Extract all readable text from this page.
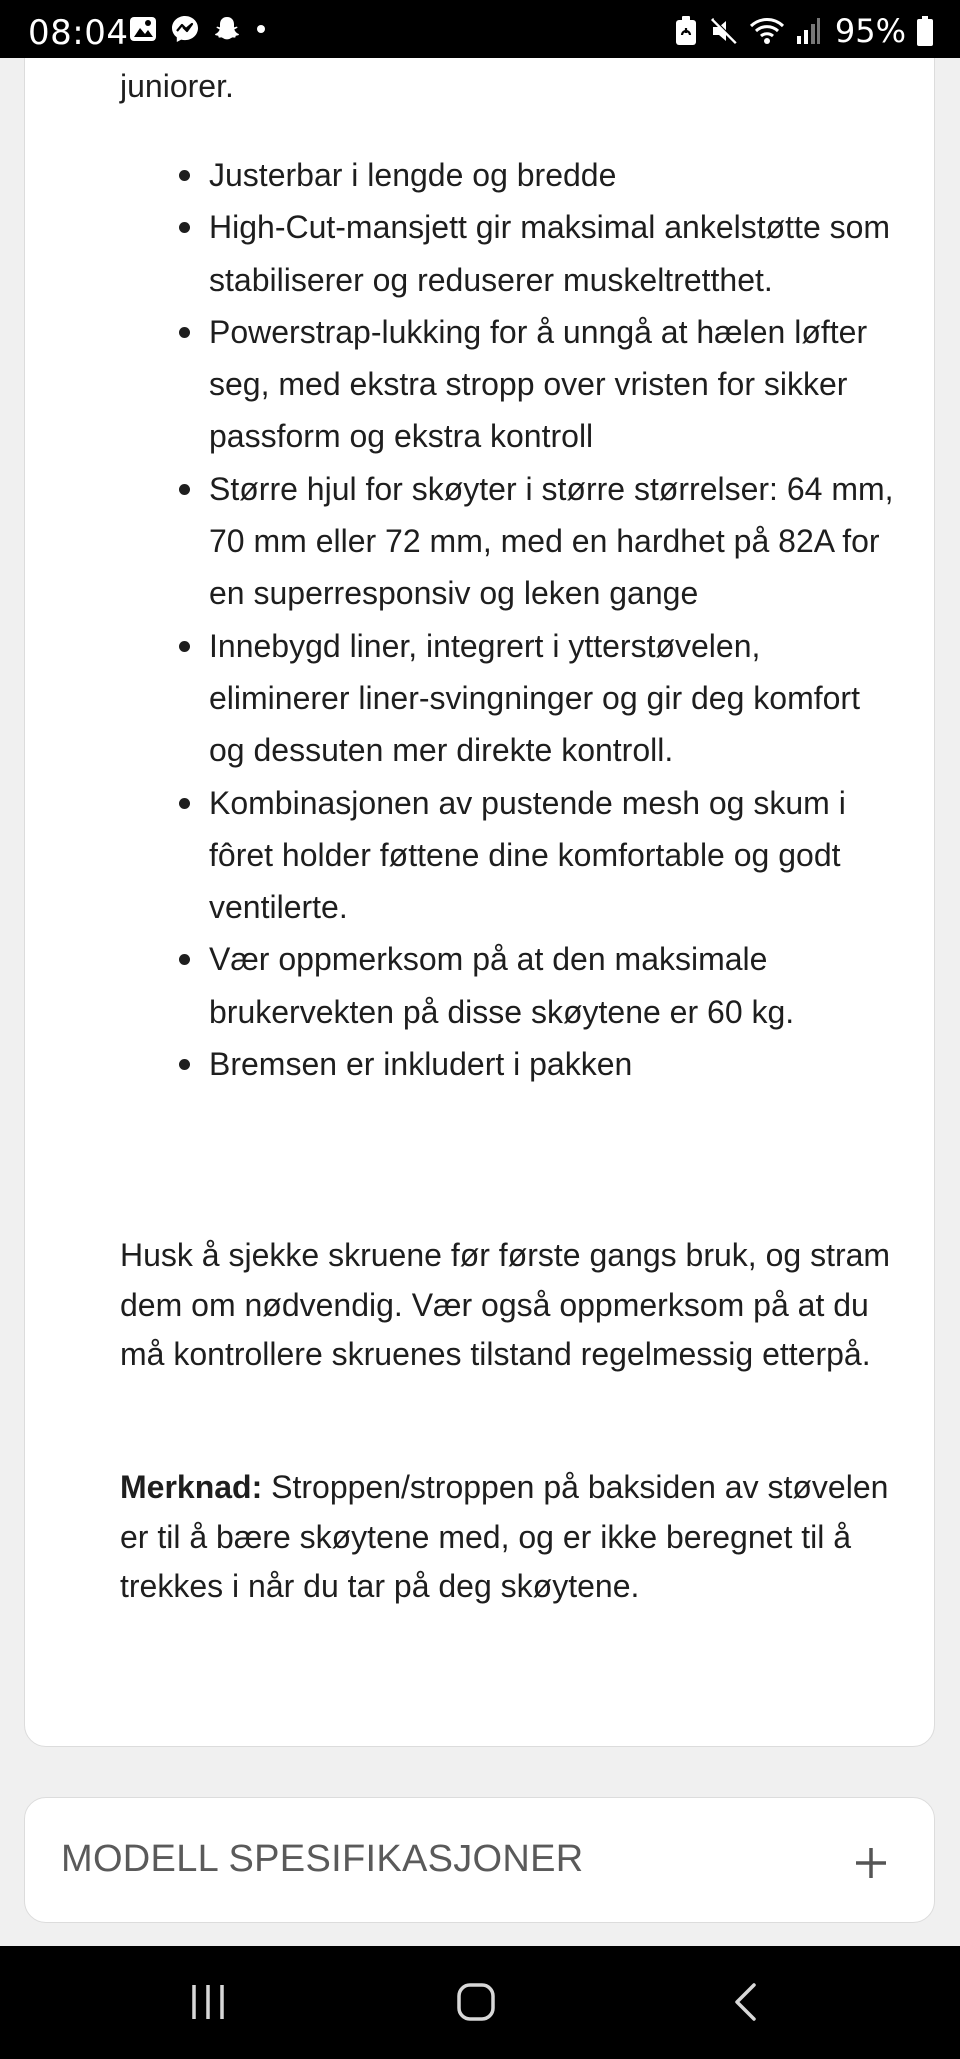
08:04	95%

juniorer.

Justerbar i lengde og bredde
High-Cut-mansjett gir maksimal ankelstøtte som stabiliserer og reduserer muskeltretthet.
Powerstrap-lukking for å unngå at hælen løfter seg, med ekstra stropp over vristen for sikker passform og ekstra kontroll
Større hjul for skøyter i større størrelser: 64 mm, 70 mm eller 72 mm, med en hardhet på 82A for en superresponsiv og leken gange
Innebygd liner, integrert i ytterstøvelen, eliminerer liner-svingninger og gir deg komfort og dessuten mer direkte kontroll.
Kombinasjonen av pustende mesh og skum i fôret holder føttene dine komfortable og godt ventilerte.
Vær oppmerksom på at den maksimale brukervekten på disse skøytene er 60 kg.
Bremsen er inkludert i pakken

Husk å sjekke skruene før første gangs bruk, og stram dem om nødvendig. Vær også oppmerksom på at du må kontrollere skruenes tilstand regelmessig etterpå.

Merknad: Stroppen/stroppen på baksiden av støvelen er til å bære skøytene med, og er ikke beregnet til å trekkes i når du tar på deg skøytene.

MODELL SPESIFIKASJONER
